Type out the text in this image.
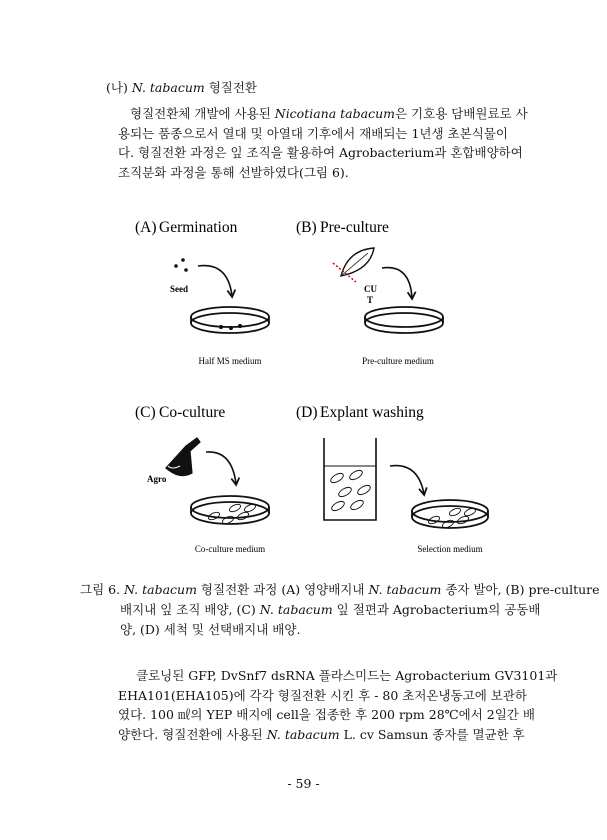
(나) N. tabacum 형질전환
형질전환체 개발에 사용된 Nicotiana tabacum은 기호용 담배원료로 사
용되는 품종으로서 열대 및 아열대 기후에서 재배되는 1년생 초본식물이
다. 형질전환 과정은 잎 조직을 활용하여 Agrobacterium과 혼합배양하여
조직분화 과정을 통해 선발하였다(그림 6).
(A) Germination
Seed
Half MS medium
(B) Pre-culture
CU
T
Pre-culture medium
(C) Co-culture
Agro
Co-culture medium
(D) Explant washing
Selection medium
그림 6. N. tabacum 형질전환 과정 (A) 영양배지내 N. tabacum 종자 발아, (B) pre-culture
배지내 잎 조직 배양, (C) N. tabacum 잎 절편과 Agrobacterium의 공동배
양, (D) 세척 및 선택배지내 배양.
클로닝된 GFP, DvSnf7 dsRNA 플라스미드는 Agrobacterium GV3101과
EHA101(EHA105)에 각각 형질전환 시킨 후 - 80 초저온냉동고에 보관하
였다. 100 ㎖의 YEP 배지에 cell을 접종한 후 200 rpm 28℃에서 2일간 배
양한다. 형질전환에 사용된 N. tabacum L. cv Samsun 종자를 멸균한 후
- 59 -
